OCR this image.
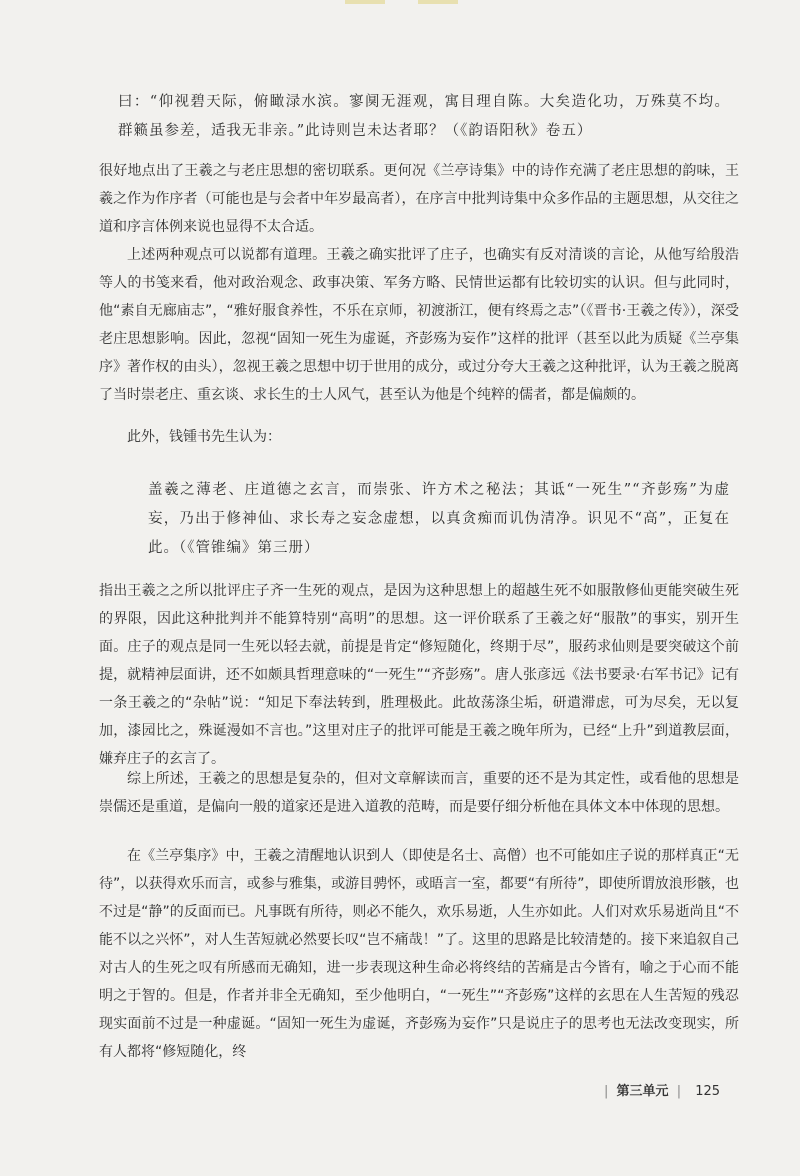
曰：“仰视碧天际，俯瞰渌水滨。寥阒无涯观，寓目理自陈。大矣造化功，万殊莫不均。群籁虽参差，适我无非亲。”此诗则岂未达者耶？（《韵语阳秋》卷五）

很好地点出了王羲之与老庄思想的密切联系。更何况《兰亭诗集》中的诗作充满了老庄思想的韵味，王羲之作为作序者（可能也是与会者中年岁最高者），在序言中批判诗集中众多作品的主题思想，从交往之道和序言体例来说也显得不太合适。

上述两种观点可以说都有道理。王羲之确实批评了庄子，也确实有反对清谈的言论，从他写给殷浩等人的书笺来看，他对政治观念、政事决策、军务方略、民情世运都有比较切实的认识。但与此同时，他“素自无廊庙志”，“雅好服食养性，不乐在京师，初渡浙江，便有终焉之志”（《晋书·王羲之传》），深受老庄思想影响。因此，忽视“固知一死生为虚诞，齐彭殇为妄作”这样的批评（甚至以此为质疑《兰亭集序》著作权的由头），忽视王羲之思想中切于世用的成分，或过分夸大王羲之这种批评，认为王羲之脱离了当时崇老庄、重玄谈、求长生的士人风气，甚至认为他是个纯粹的儒者，都是偏颇的。

此外，钱锺书先生认为：

盖羲之薄老、庄道德之玄言，而崇张、许方术之秘法；其诋“一死生”“齐彭殇”为虚妄，乃出于修神仙、求长寿之妄念虚想，以真贪痴而讥伪清净。识见不“高”，正复在此。（《管锥编》第三册）

指出王羲之之所以批评庄子齐一生死的观点，是因为这种思想上的超越生死不如服散修仙更能突破生死的界限，因此这种批判并不能算特别“高明”的思想。这一评价联系了王羲之好“服散”的事实，别开生面。庄子的观点是同一生死以轻去就，前提是肯定“修短随化，终期于尽”，服药求仙则是要突破这个前提，就精神层面讲，还不如颇具哲理意味的“一死生”“齐彭殇”。唐人张彦远《法书要录·右军书记》记有一条王羲之的“杂帖”说：“知足下奉法转到，胜理极此。此故荡涤尘垢，研遣滞虑，可为尽矣，无以复加，漆园比之，殊诞漫如不言也。”这里对庄子的批评可能是王羲之晚年所为，已经“上升”到道教层面，嫌弃庄子的玄言了。

综上所述，王羲之的思想是复杂的，但对文章解读而言，重要的还不是为其定性，或看他的思想是崇儒还是重道，是偏向一般的道家还是进入道教的范畴，而是要仔细分析他在具体文本中体现的思想。

在《兰亭集序》中，王羲之清醒地认识到人（即使是名士、高僧）也不可能如庄子说的那样真正“无待”，以获得欢乐而言，或参与雅集，或游目骋怀，或晤言一室，都要“有所待”，即使所谓放浪形骸，也不过是“静”的反面而已。凡事既有所待，则必不能久，欢乐易逝，人生亦如此。人们对欢乐易逝尚且“不能不以之兴怀”，对人生苦短就必然要长叹“岂不痛哉！”了。这里的思路是比较清楚的。接下来追叙自己对古人的生死之叹有所感而无确知，进一步表现这种生命必将终结的苦痛是古今皆有，喻之于心而不能明之于智的。但是，作者并非全无确知，至少他明白，“一死生”“齐彭殇”这样的玄思在人生苦短的残忍现实面前不过是一种虚诞。“固知一死生为虚诞，齐彭殇为妄作”只是说庄子的思考也无法改变现实，所有人都将“修短随化，终

| 第三单元 | 125
